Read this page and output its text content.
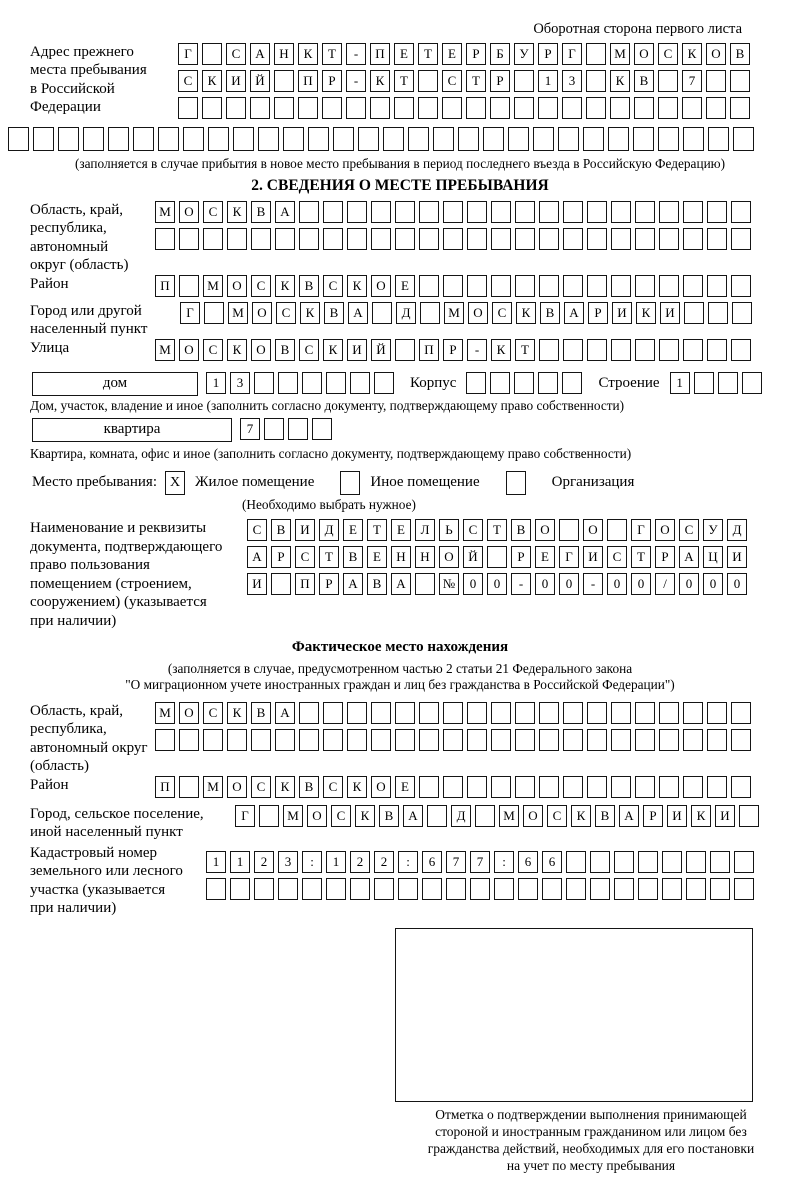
Оборотная сторона первого листа
Адрес прежнего
места пребывания
в Российской
Федерации
Г	С	А	Н	К	Т	-	П	Е	Т	Е	Р	Б	У	Р	Г	М	О	С	К	О	В
С	К	И	Й	П	Р	-	К	Т	С	Т	Р	1	3	К	В	7
(заполняется в случае прибытия в новое место пребывания в период последнего въезда в Российскую Федерацию)
2. СВЕДЕНИЯ О МЕСТЕ ПРЕБЫВАНИЯ
Область, край,
республика,
автономный
округ (область)
М	О	С	К	В	А
Район	П	М	О	С	К	В	С	К	О	Е
Город или другой
населенный пункт
Г	М	О	С	К	В	А	Д	М	О	С	К	В	А	Р	И	К	И
Улица	М	О	С	К	О	В	С	К	И	Й	П	Р	-	К	Т
дом	1	3	Корпус	Строение	1
Дом, участок, владение и иное (заполнить согласно документу, подтверждающему право собственности)
квартира	7
Квартира, комната, офис и иное (заполнить согласно документу, подтверждающему право собственности)
Место пребывания: X Жилое помещение	Иное помещение	Организация
(Необходимо выбрать нужное)
Наименование и реквизиты
документа, подтверждающего
право пользования
помещением (строением,
сооружением) (указывается
при наличии)
С	В	И	Д	Е	Т	Е	Л	Ь	С	Т	В	О	О	Г	О	С	У	Д
А	Р	С	Т	В	Е	Н	Н	О	Й	Р	Е	Г	И	С	Т	Р	А	Ц	И
И	П	Р	А	В	А	№	0	0	-	0	0	-	0	0	/	0	0	0
Фактическое место нахождения
(заполняется в случае, предусмотренном частью 2 статьи 21 Федерального закона
"О миграционном учете иностранных граждан и лиц без гражданства в Российской Федерации")
Область, край,
республика,
автономный округ
(область)
М	О	С	К	В	А
Район	П	М	О	С	К	В	С	К	О	Е
Город, сельское поселение,
иной населенный пункт
Г	М	О	С	К	В	А	Д	М	О	С	К	В	А	Р	И	К	И
Кадастровый номер
земельного или лесного
участка (указывается
при наличии)
1	1	2	3	:	1	2	2	:	6	7	7	:	6	6
Отметка о подтверждении выполнения принимающей
стороной и иностранным гражданином или лицом без
гражданства действий, необходимых для его постановки
на учет по месту пребывания
